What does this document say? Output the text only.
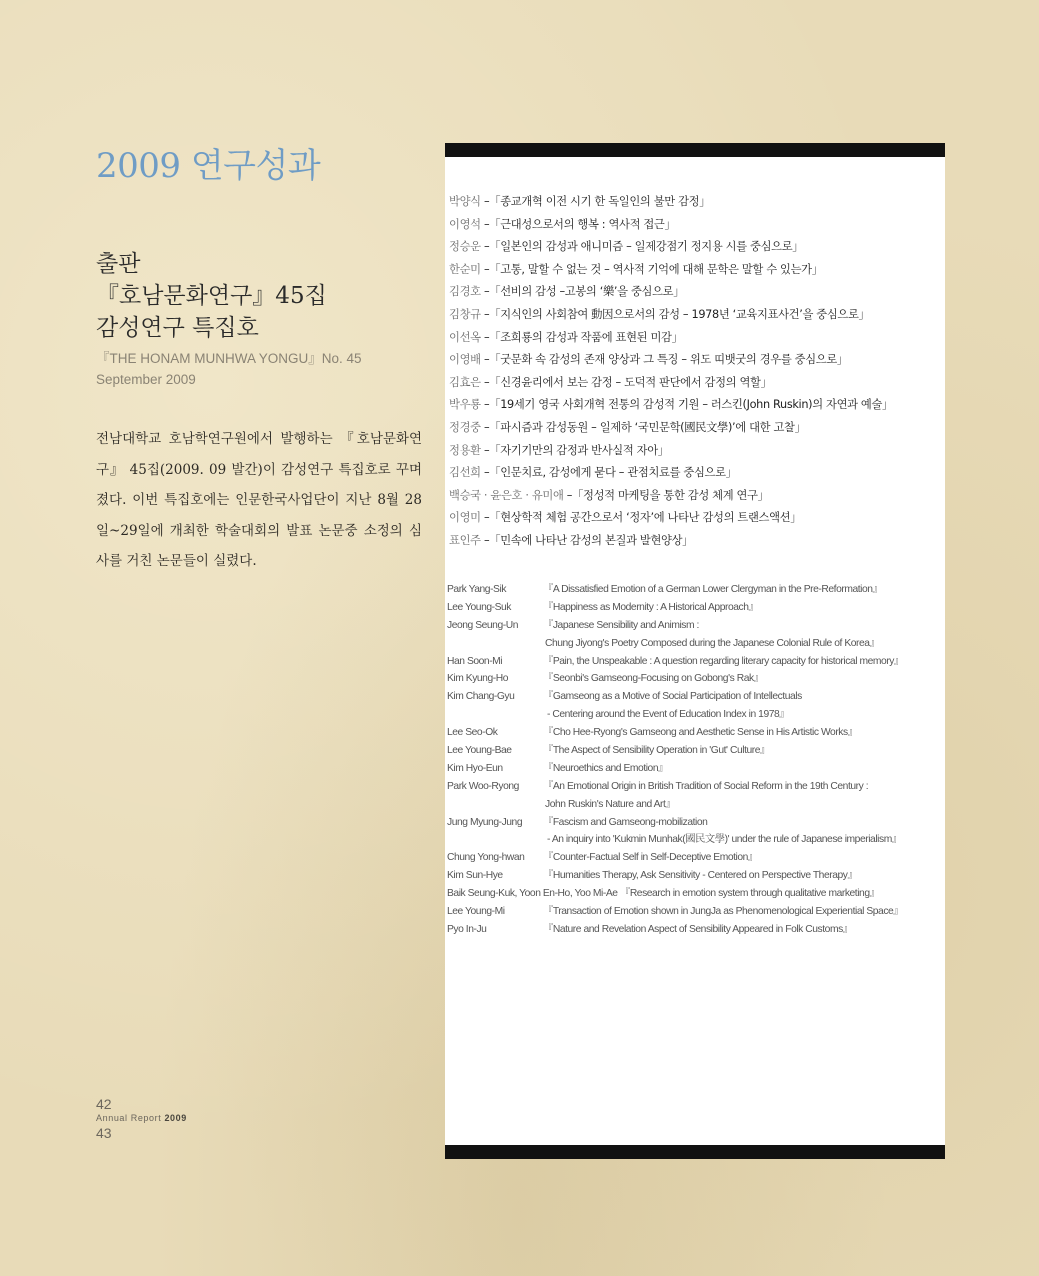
2009 연구성과
출판
『호남문화연구』45집
감성연구 특집호
『THE HONAM MUNHWA YONGU』No. 45
September 2009
전남대학교 호남학연구원에서 발행하는 『호남문화연구』 45집(2009. 09 발간)이 감성연구 특집호로 꾸며졌다. 이번 특집호에는 인문한국사업단이 지난 8월 28일~29일에 개최한 학술대회의 발표 논문중 소정의 심사를 거친 논문들이 실렸다.
박양식 –「종교개혁 이전 시기 한 독일인의 불만 감정」
이영석 –「근대성으로서의 행복 : 역사적 접근」
정승운 –「일본인의 감성과 애니미즘 – 일제강점기 정지용 시를 중심으로」
한순미 –「고통, 말할 수 없는 것 – 역사적 기억에 대해 문학은 말할 수 있는가」
김경호 –「선비의 감성 –고봉의 ‘樂’을 중심으로」
김창규 –「지식인의 사회참여 動因으로서의 감성 – 1978년 ‘교육지표사건’을 중심으로」
이선옥 –「조희룡의 감성과 작품에 표현된 미감」
이영배 –「굿문화 속 감성의 존재 양상과 그 특징 – 위도 띠뱃굿의 경우를 중심으로」
김효은 –「신경윤리에서 보는 감정 – 도덕적 판단에서 감정의 역할」
박우룡 –「19세기 영국 사회개혁 전통의 감성적 기원 – 러스킨(John Ruskin)의 자연과 예술」
정경중 –「파시즘과 감성동원 – 일제하 ‘국민문학(國民文學)’에 대한 고찰」
정용환 –「자기기만의 감정과 반사실적 자아」
김선희 –「인문치료, 감성에게 묻다 – 관점치료를 중심으로」
백승국 · 윤은호 · 유미애 –「정성적 마케팅을 통한 감성 체계 연구」
이영미 –「현상학적 체험 공간으로서 ‘정자’에 나타난 감성의 트랜스액션」
표인주 –「민속에 나타난 감성의 본질과 발현양상」
Park Yang-Sik	『A Dissatisfied Emotion of a German Lower Clergyman in the Pre-Reformation』
Lee Young-Suk	『Happiness as Modernity : A Historical Approach』
Jeong Seung-Un 『Japanese Sensibility and Animism :
Chung Jiyong's Poetry Composed during the Japanese Colonial Rule of Korea』
Han Soon-Mi	『Pain, the Unspeakable : A question regarding literary capacity for historical memory』
Kim Kyung-Ho	『Seonbi's Gamseong-Focusing on Gobong's Rak』
Kim Chang-Gyu	『Gamseong as a Motive of Social Participation of Intellectuals
- Centering around the Event of Education Index in 1978』
Lee Seo-Ok	『Cho Hee-Ryong's Gamseong and Aesthetic Sense in His Artistic Works』
Lee Young-Bae	『The Aspect of Sensibility Operation in 'Gut' Culture』
Kim Hyo-Eun	『Neuroethics and Emotion』
Park Woo-Ryong 『An Emotional Origin in British Tradition of Social Reform in the 19th Century :
John Ruskin's Nature and Art』
Jung Myung-Jung 『Fascism and Gamseong-mobilization
- An inquiry into 'Kukmin Munhak(國民文學)' under the rule of Japanese imperialism』
Chung Yong-hwan 『Counter-Factual Self in Self-Deceptive Emotion』
Kim Sun-Hye	『Humanities Therapy, Ask Sensitivity - Centered on Perspective Therapy』
Baik Seung-Kuk, Yoon En-Ho, Yoo Mi-Ae 『Research in emotion system through qualitative marketing』
Lee Young-Mi	『Transaction of Emotion shown in JungJa as Phenomenological Experiential Space』
Pyo In-Ju	『Nature and Revelation Aspect of Sensibility Appeared in Folk Customs』
42
Annual Report 2009
43
